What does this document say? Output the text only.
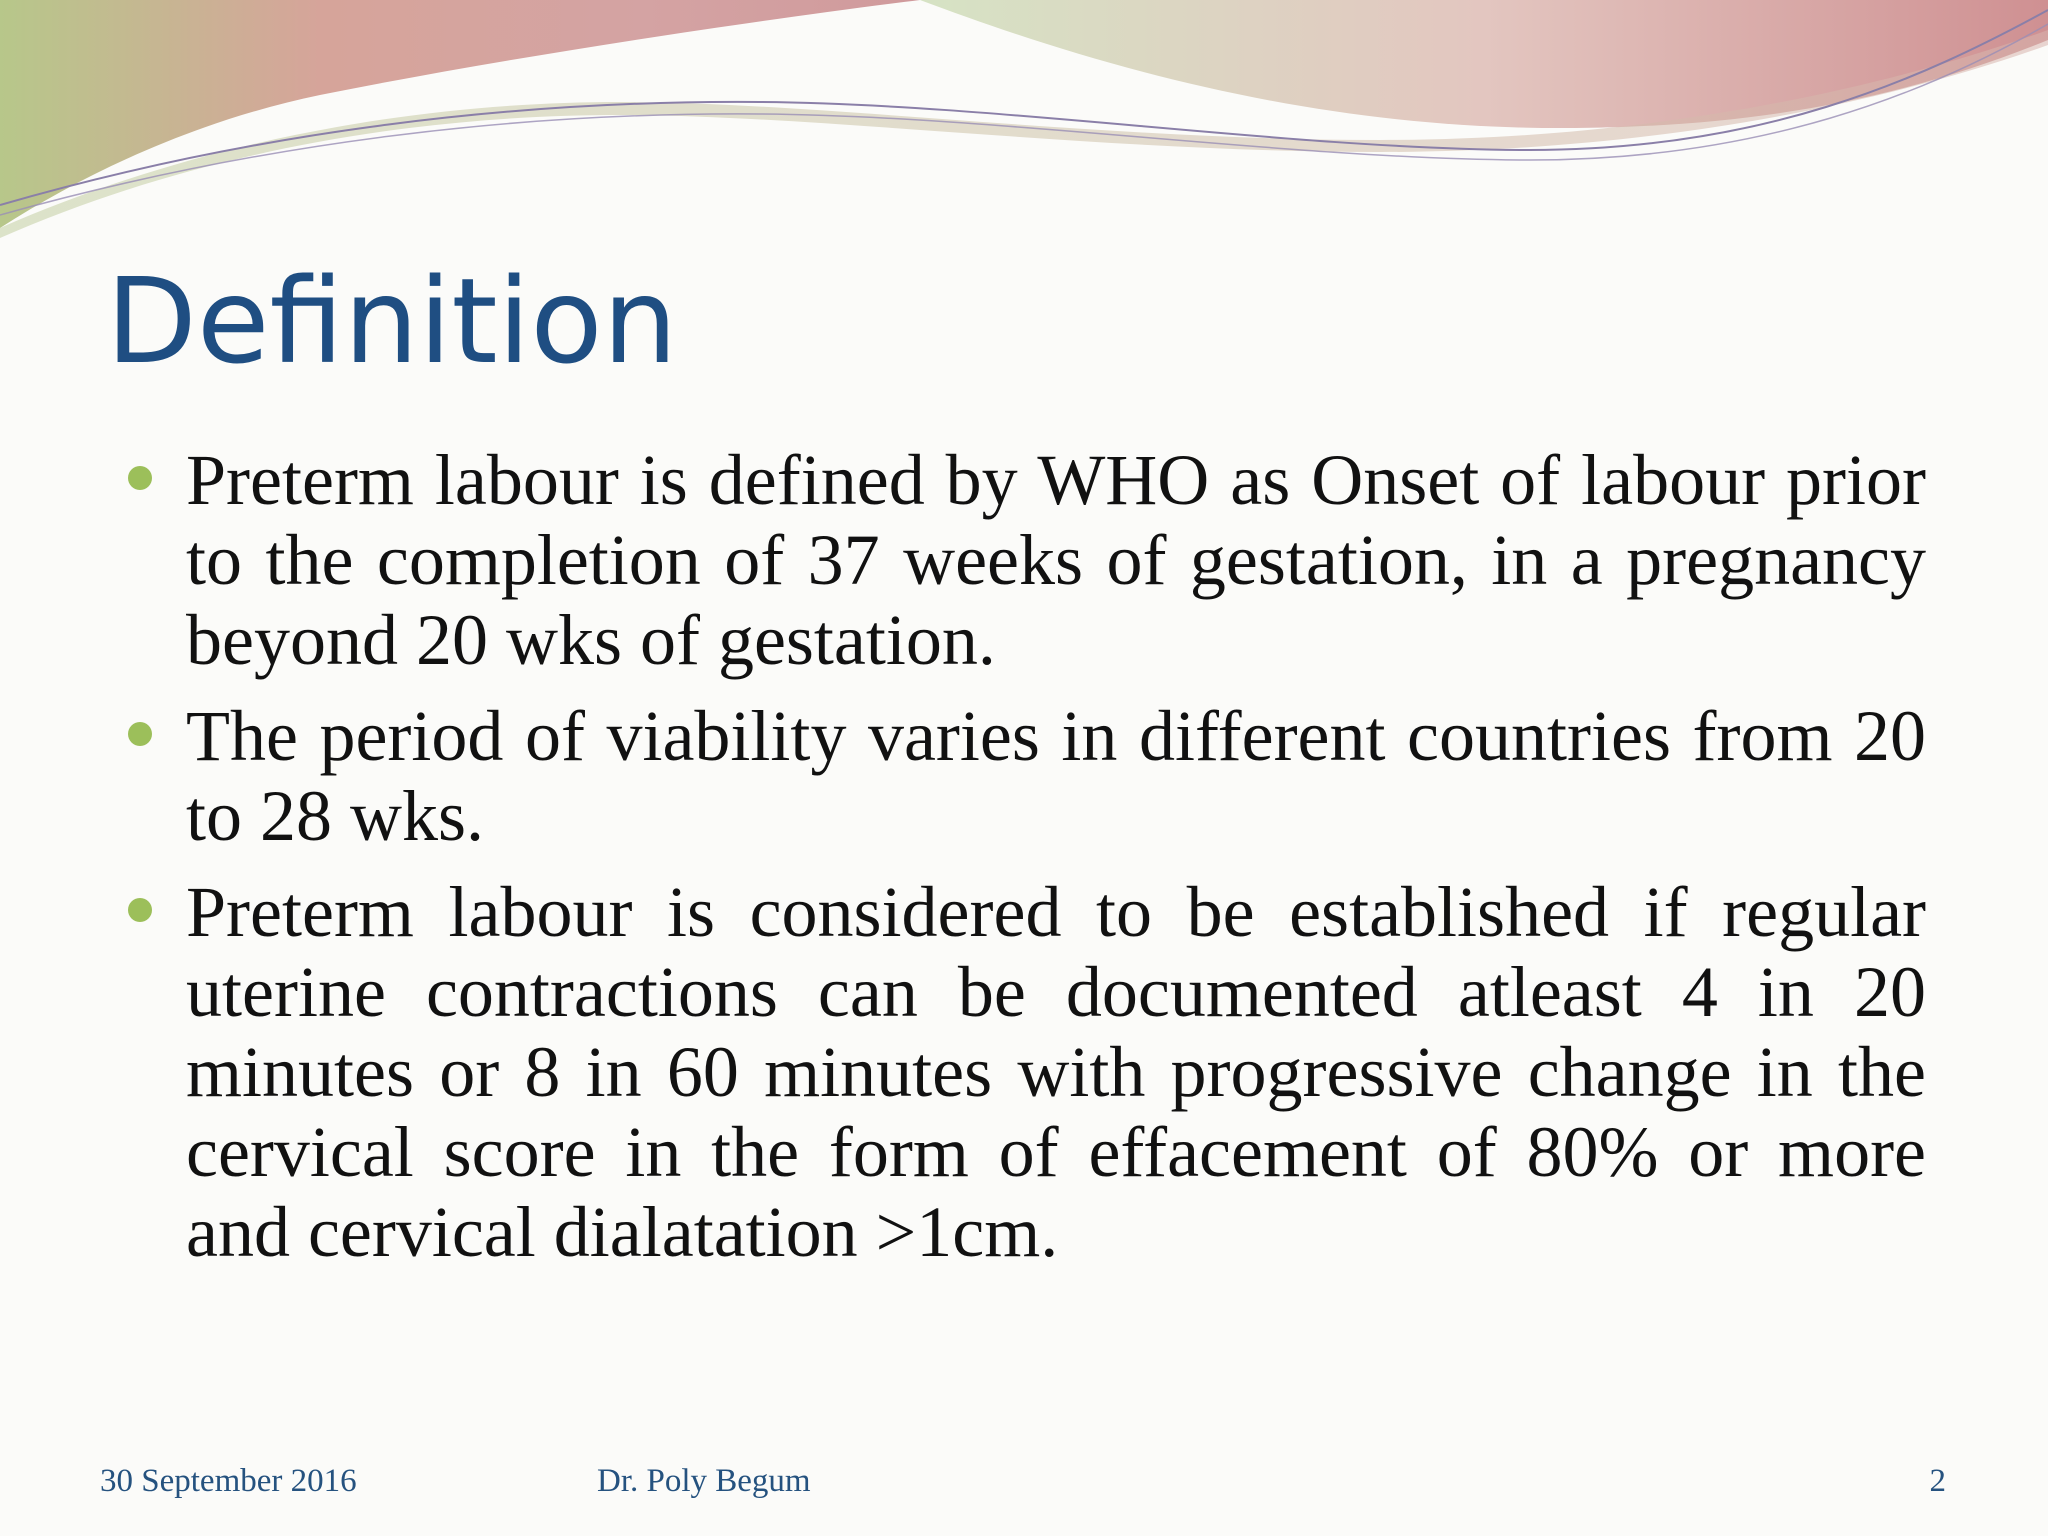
Definition
Preterm labour is defined by WHO as Onset of labour prior to the completion of 37 weeks of gestation, in a pregnancy beyond 20 wks of gestation.
The period of viability varies in different countries from 20 to 28 wks.
Preterm labour is considered to be established if regular uterine contractions can be documented atleast 4 in 20 minutes or 8 in 60 minutes with progressive change in the cervical score in the form of effacement of 80% or more and cervical dialatation >1cm.
30 September 2016	Dr. Poly Begum	2
